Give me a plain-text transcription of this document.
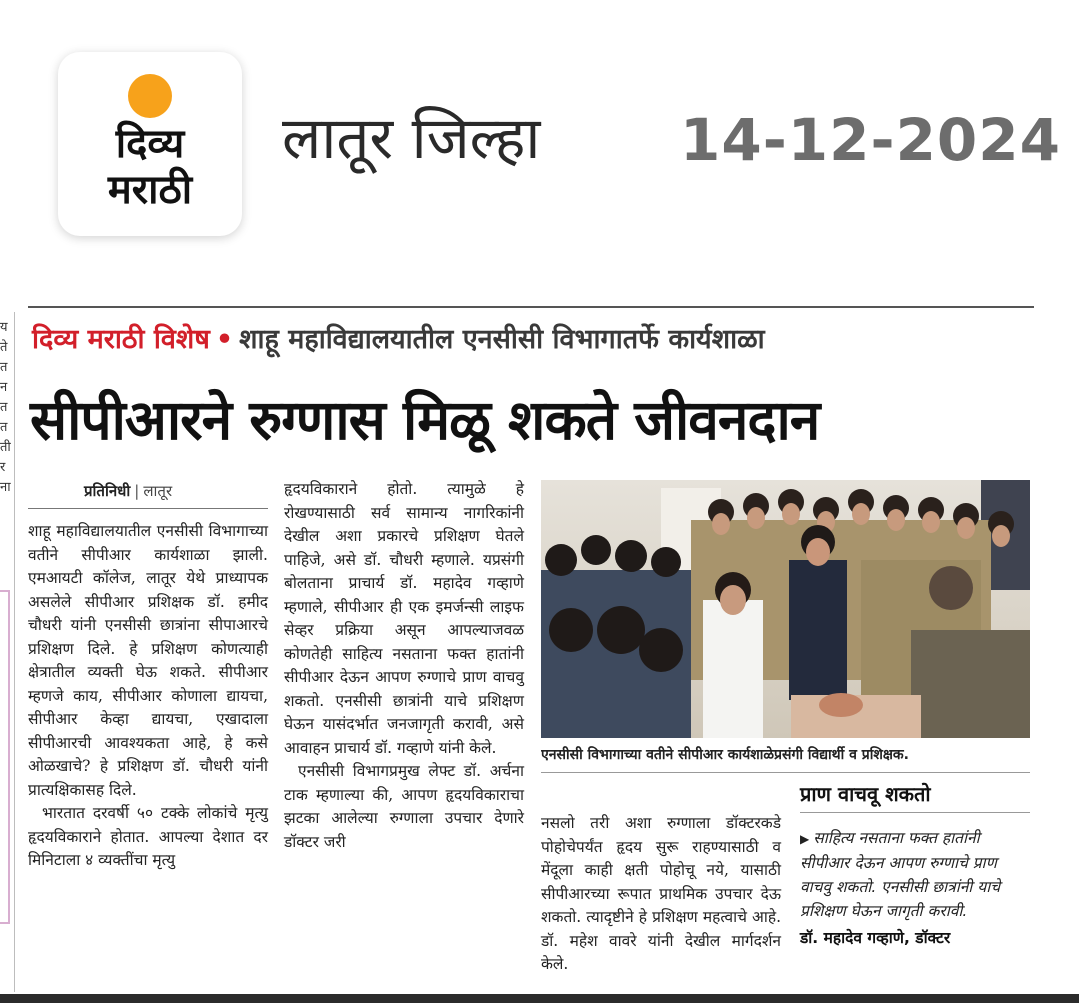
दिव्य
मराठी
लातूर जिल्हा 14-12-2024
य
ते
त
न
त
त
ती
र
ना
दिव्य मराठी विशेष • शाहू महाविद्यालयातील एनसीसी विभागातर्फे कार्यशाळा
सीपीआरने रुग्णास मिळू शकते जीवनदान
प्रतिनिधी | लातूर

शाहू महाविद्यालयातील एनसीसी विभागाच्या वतीने सीपीआर कार्यशाळा झाली. एमआयटी कॉलेज, लातूर येथे प्राध्यापक असलेले सीपीआर प्रशिक्षक डॉ. हमीद चौधरी यांनी एनसीसी छात्रांना सीपाआरचे प्रशिक्षण दिले. हे प्रशिक्षण कोणत्याही क्षेत्रातील व्यक्ती घेऊ शकते. सीपीआर म्हणजे काय, सीपीआर कोणाला द्यायचा, सीपीआर केव्हा द्यायचा, एखादाला सीपीआरची आवश्यकता आहे, हे कसे ओळखाचे? हे प्रशिक्षण डॉ. चौधरी यांनी प्रात्यक्षिकासह दिले.

भारतात दरवर्षी ५० टक्के लोकांचे मृत्यु हृदयविकाराने होतात. आपल्या देशात दर मिनिटाला ४ व्यक्तींचा मृत्यु

हृदयविकाराने होतो. त्यामुळे हे रोखण्यासाठी सर्व सामान्य नागरिकांनी देखील अशा प्रकारचे प्रशिक्षण घेतले पाहिजे, असे डॉ. चौधरी म्हणाले. यप्रसंगी बोलताना प्राचार्य डॉ. महादेव गव्हाणे म्हणाले, सीपीआर ही एक इमर्जन्सी लाइफ सेव्हर प्रक्रिया असून आपल्याजवळ कोणतेही साहित्य नसताना फक्त हातांनी सीपीआर देऊन आपण रुग्णाचे प्राण वाचवु शकतो. एनसीसी छात्रांनी याचे प्रशिक्षण घेऊन यासंदर्भात जनजागृती करावी, असे आवाहन प्राचार्य डॉ. गव्हाणे यांनी केले.

एनसीसी विभागप्रमुख लेफ्ट डॉ. अर्चना टाक म्हणाल्या की, आपण हृदयविकाराचा झटका आलेल्या रुग्णाला उपचार देणारे डॉक्टर जरी

एनसीसी विभागाच्या वतीने सीपीआर कार्यशाळेप्रसंगी विद्यार्थी व प्रशिक्षक.

नसलो तरी अशा रुग्णाला डॉक्टरकडे पोहोचेपर्यंत हृदय सुरू राहण्यासाठी व मेंदूला काही क्षती पोहोचू नये, यासाठी सीपीआरच्या रूपात प्राथमिक उपचार देऊ शकतो. त्यादृष्टीने हे प्रशिक्षण महत्वाचे आहे. डॉ. महेश वावरे यांनी देखील मार्गदर्शन केले.

प्राण वाचवू शकतो
▶ साहित्य नसताना फक्त हातांनी सीपीआर देऊन आपण रुग्णाचे प्राण वाचवु शकतो. एनसीसी छात्रांनी याचे प्रशिक्षण घेऊन जागृती करावी.
डॉ. महादेव गव्हाणे, डॉक्टर
